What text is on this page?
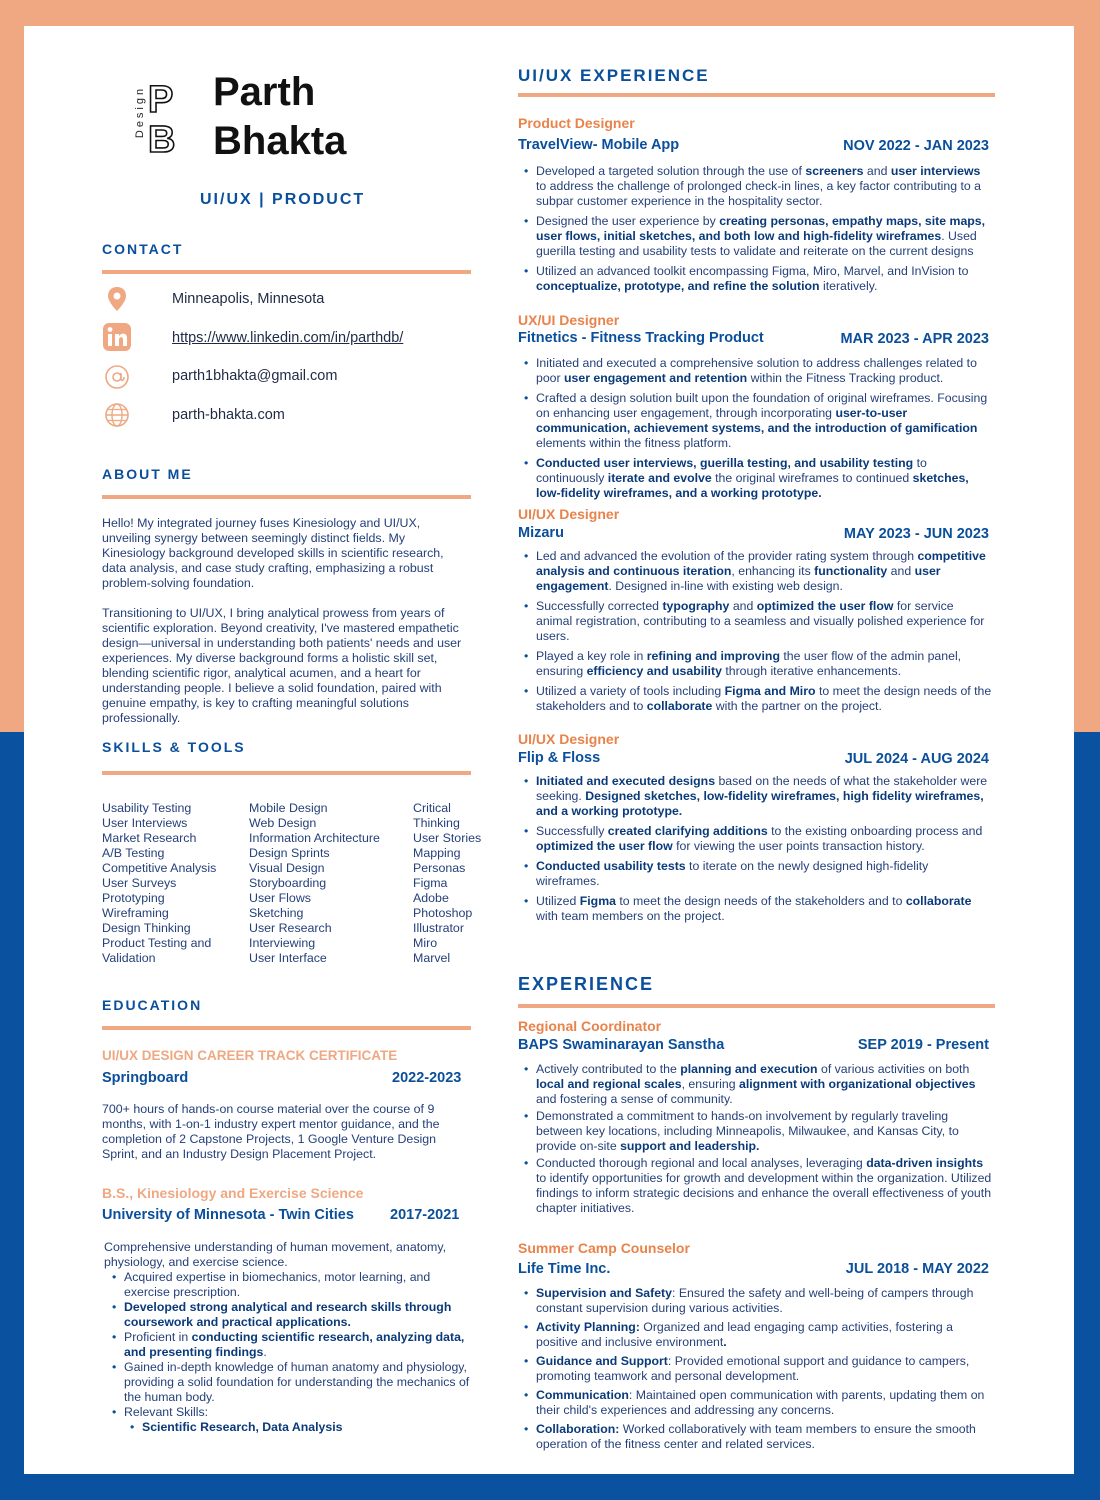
Design P
B
Parth
Bhakta
UI/UX | PRODUCT
CONTACT
Minneapolis, Minnesota
https://www.linkedin.com/in/parthdb/
parth1bhakta@gmail.com
parth-bhakta.com
ABOUT ME
Hello! My integrated journey fuses Kinesiology and UI/UX, unveiling synergy between seemingly distinct fields. My Kinesiology background developed skills in scientific research, data analysis, and case study crafting, emphasizing a robust problem-solving foundation.
Transitioning to UI/UX, I bring analytical prowess from years of scientific exploration. Beyond creativity, I've mastered empathetic design—universal in understanding both patients' needs and user experiences. My diverse background forms a holistic skill set, blending scientific rigor, analytical acumen, and a heart for understanding people. I believe a solid foundation, paired with genuine empathy, is key to crafting meaningful solutions professionally.
SKILLS & TOOLS
Usability Testing
User Interviews
Market Research
A/B Testing
Competitive Analysis
User Surveys
Prototyping
Wireframing
Design Thinking
Product Testing and
Validation
Mobile Design
Web Design
Information Architecture
Design Sprints
Visual Design
Storyboarding
User Flows
Sketching
User Research
Interviewing
User Interface
Critical
Thinking
User Stories
Mapping
Personas
Figma
Adobe
Photoshop
Illustrator
Miro
Marvel
EDUCATION
UI/UX DESIGN CAREER TRACK CERTIFICATE
Springboard	2022-2023
700+ hours of hands-on course material over the course of 9 months, with 1-on-1 industry expert mentor guidance, and the completion of 2 Capstone Projects, 1 Google Venture Design Sprint, and an Industry Design Placement Project.
B.S., Kinesiology and Exercise Science
University of Minnesota - Twin Cities 2017-2021
Comprehensive understanding of human movement, anatomy, physiology, and exercise science.
• Acquired expertise in biomechanics, motor learning, and exercise prescription.
• Developed strong analytical and research skills through coursework and practical applications.
• Proficient in conducting scientific research, analyzing data, and presenting findings.
• Gained in-depth knowledge of human anatomy and physiology, providing a solid foundation for understanding the mechanics of the human body.
• Relevant Skills:
• Scientific Research, Data Analysis
UI/UX EXPERIENCE
Product Designer
TravelView- Mobile App	NOV 2022 - JAN 2023
• Developed a targeted solution through the use of screeners and user interviews to address the challenge of prolonged check-in lines, a key factor contributing to a subpar customer experience in the hospitality sector.
• Designed the user experience by creating personas, empathy maps, site maps, user flows, initial sketches, and both low and high-fidelity wireframes. Used guerilla testing and usability tests to validate and reiterate on the current designs
• Utilized an advanced toolkit encompassing Figma, Miro, Marvel, and InVision to conceptualize, prototype, and refine the solution iteratively.
UX/UI Designer
Fitnetics - Fitness Tracking Product	MAR 2023 - APR 2023
• Initiated and executed a comprehensive solution to address challenges related to poor user engagement and retention within the Fitness Tracking product.
• Crafted a design solution built upon the foundation of original wireframes. Focusing on enhancing user engagement, through incorporating user-to-user communication, achievement systems, and the introduction of gamification elements within the fitness platform.
• Conducted user interviews, guerilla testing, and usability testing to continuously iterate and evolve the original wireframes to continued sketches, low-fidelity wireframes, and a working prototype.
UI/UX Designer
Mizaru	MAY 2023 - JUN 2023
• Led and advanced the evolution of the provider rating system through competitive analysis and continuous iteration, enhancing its functionality and user engagement. Designed in-line with existing web design.
• Successfully corrected typography and optimized the user flow for service animal registration, contributing to a seamless and visually polished experience for users.
• Played a key role in refining and improving the user flow of the admin panel, ensuring efficiency and usability through iterative enhancements.
• Utilized a variety of tools including Figma and Miro to meet the design needs of the stakeholders and to collaborate with the partner on the project.
UI/UX Designer
Flip & Floss	JUL 2024 - AUG 2024
• Initiated and executed designs based on the needs of what the stakeholder were seeking. Designed sketches, low-fidelity wireframes, high fidelity wireframes, and a working prototype.
• Successfully created clarifying additions to the existing onboarding process and optimized the user flow for viewing the user points transaction history.
• Conducted usability tests to iterate on the newly designed high-fidelity wireframes.
• Utilized Figma to meet the design needs of the stakeholders and to collaborate with team members on the project.
EXPERIENCE
Regional Coordinator
BAPS Swaminarayan Sanstha	SEP 2019 - Present
• Actively contributed to the planning and execution of various activities on both local and regional scales, ensuring alignment with organizational objectives and fostering a sense of community.
• Demonstrated a commitment to hands-on involvement by regularly traveling between key locations, including Minneapolis, Milwaukee, and Kansas City, to provide on-site support and leadership.
• Conducted thorough regional and local analyses, leveraging data-driven insights to identify opportunities for growth and development within the organization. Utilized findings to inform strategic decisions and enhance the overall effectiveness of youth chapter initiatives.
Summer Camp Counselor
Life Time Inc.	JUL 2018 - MAY 2022
• Supervision and Safety: Ensured the safety and well-being of campers through constant supervision during various activities.
• Activity Planning: Organized and lead engaging camp activities, fostering a positive and inclusive environment.
• Guidance and Support: Provided emotional support and guidance to campers, promoting teamwork and personal development.
• Communication: Maintained open communication with parents, updating them on their child's experiences and addressing any concerns.
• Collaboration: Worked collaboratively with team members to ensure the smooth operation of the fitness center and related services.
